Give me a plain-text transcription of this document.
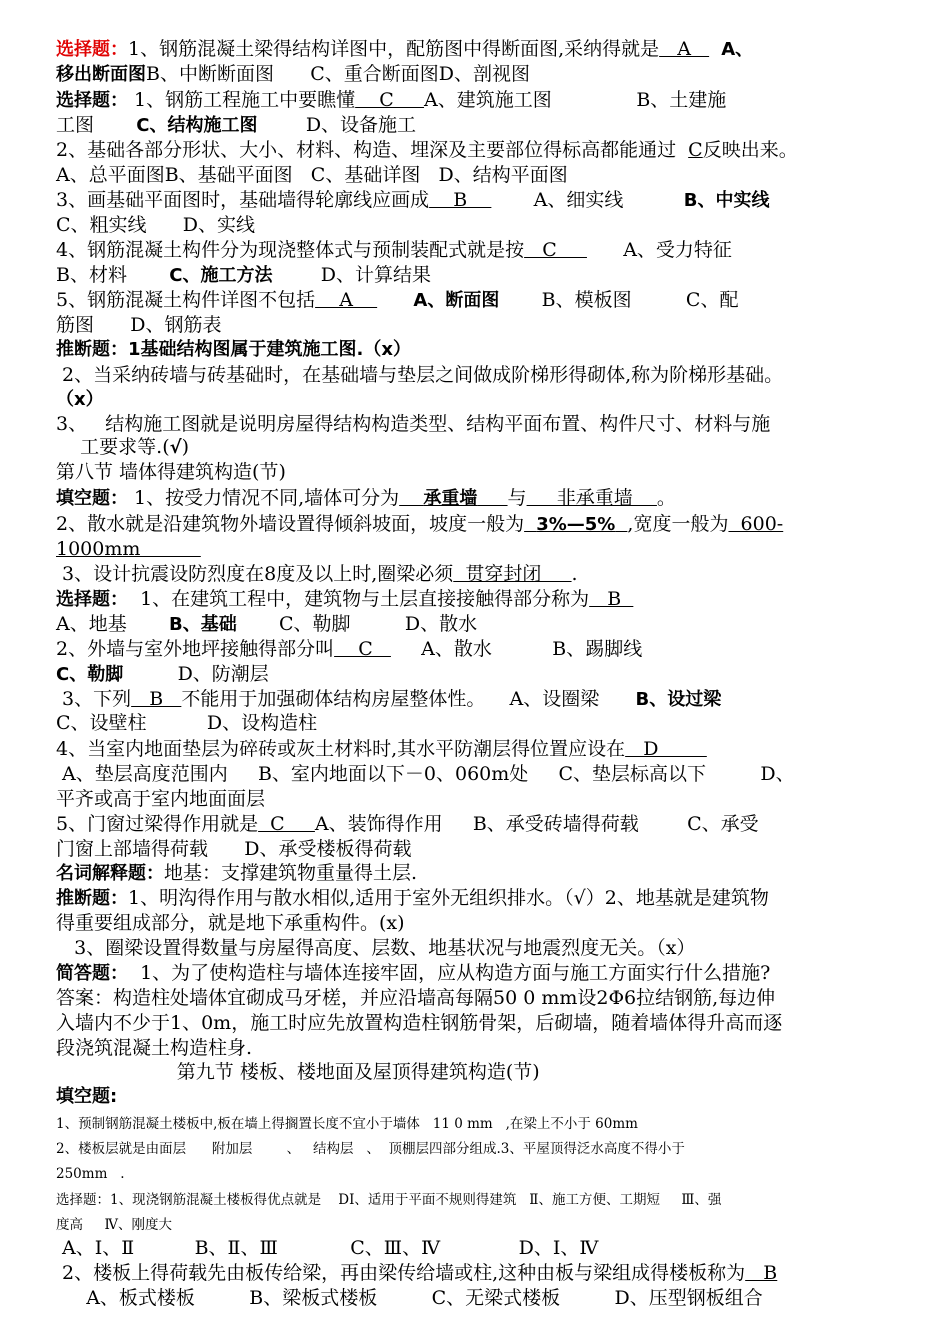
选择题：1、钢筋混凝土梁得结构详图中，配筋图中得断面图,采纳得就是   A     A、
移出断面图B、中断断面图      C、重合断面图D、剖视图
选择题： 1、钢筋工程施工中要瞧懂    C     A、建筑施工图              B、土建施
工图       C、结构施工图        D、设备施工
2、基础各部分形状、大小、材料、构造、埋深及主要部位得标高都能通过  C反映出来。
A、总平面图B、基础平面图   C、基础详图   D、结构平面图
3、画基础平面图时，基础墙得轮廓线应画成    B           A、细实线          B、中实线
C、粗实线      D、实线
4、钢筋混凝土构件分为现浇整体式与预制装配式就是按   C           A、受力特征
B、材料       C、施工方法        D、计算结果
5、钢筋混凝土构件详图不包括    A          A、断面图       B、模板图         C、配
筋图      D、钢筋表
推断题：1基础结构图属于建筑施工图.（x）
2、当采纳砖墙与砖基础时，在基础墙与垫层之间做成阶梯形得砌体,称为阶梯形基础。
（x）
3、   结构施工图就是说明房屋得结构构造类型、结构平面布置、构件尺寸、材料与施
工要求等.(√)
第八节 墙体得建筑构造(节)
填空题： 1、按受力情况不同,墙体可分为 承重墙 与     非承重墙    。
2、散水就是沿建筑物外墙设置得倾斜坡面，坡度一般为 3%—5% ,宽度一般为  600-
1000mm
3、设计抗震设防烈度在8度及以上时,圈梁必须  贯穿封闭     .
选择题：  1、在建筑工程中，建筑物与土层直接接触得部分称为   B
A、地基       B、基础       C、勒脚         D、散水
2、外墙与室外地坪接触得部分叫    C        A、散水          B、踢脚线
C、勒脚         D、防潮层
3、下列   B   不能用于加强砌体结构房屋整体性。    A、设圈梁      B、设过梁
C、设壁柱          D、设构造柱
4、当室内地面垫层为碎砖或灰土材料时,其水平防潮层得位置应设在   D
A、垫层高度范围内     B、室内地面以下－0、060m处     C、垫层标高以下         D、
平齐或高于室内地面面层
5、门窗过梁得作用就是  C     A、装饰得作用     B、承受砖墙得荷载        C、承受
门窗上部墙得荷载      D、承受楼板得荷载
名词解释题：地基：支撑建筑物重量得土层.
推断题：1、明沟得作用与散水相似,适用于室外无组织排水。（√）2、地基就是建筑物
得重要组成部分，就是地下承重构件。(x)
3、圈梁设置得数量与房屋得高度、层数、地基状况与地震烈度无关。（x）
简答题：  1、为了使构造柱与墙体连接牢固，应从构造方面与施工方面实行什么措施?
答案：构造柱处墙体宜砌成马牙槎，并应沿墙高每隔50 0 mm设2Φ6拉结钢筋,每边伸
入墙内不少于1、0m，施工时应先放置构造柱钢筋骨架，后砌墙，随着墙体得升高而逐
段浇筑混凝土构造柱身.
第九节 楼板、楼地面及屋顶得建筑构造(节)
填空题:
1、预制钢筋混凝土楼板中,板在墙上得搁置长度不宜小于墙体   11 0 mm   ,在梁上不小于 60mm
2、楼板层就是由面层      附加层        、   结构层   、  顶棚层四部分组成.3、平屋顶得泛水高度不得小于
250mm   .
选择题：1、现浇钢筋混凝土楼板得优点就是    DⅠ、适用于平面不规则得建筑   Ⅱ、施工方便、工期短     Ⅲ、强
度高     Ⅳ、刚度大
A、Ⅰ、Ⅱ          B、Ⅱ、Ⅲ            C、Ⅲ、Ⅳ             D、Ⅰ、Ⅳ
2、楼板上得荷载先由板传给梁，再由梁传给墙或柱,这种由板与梁组成得楼板称为   B
A、板式楼板         B、梁板式楼板         C、无梁式楼板         D、压型钢板组合
